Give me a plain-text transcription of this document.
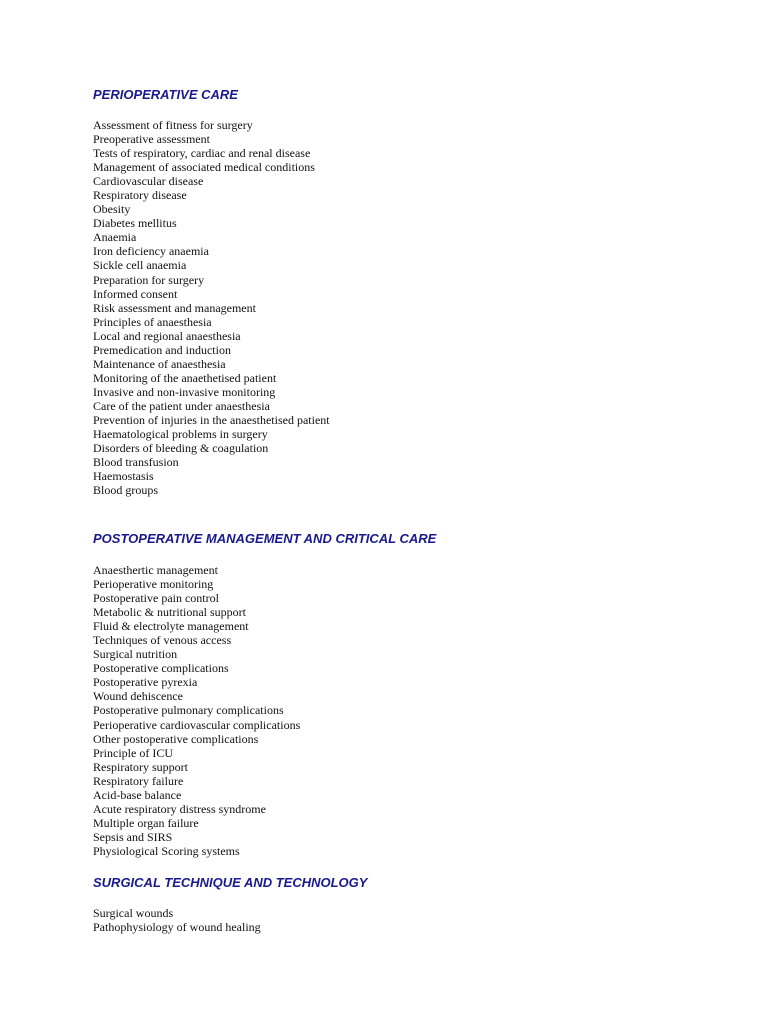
PERIOPERATIVE CARE
Assessment of fitness for surgery
Preoperative assessment
Tests of respiratory, cardiac and renal disease
Management of associated medical conditions
Cardiovascular disease
Respiratory disease
Obesity
Diabetes mellitus
Anaemia
Iron deficiency anaemia
Sickle cell anaemia
Preparation for surgery
Informed consent
Risk assessment and management
Principles of anaesthesia
Local and regional anaesthesia
Premedication and induction
Maintenance of anaesthesia
Monitoring of the anaethetised patient
Invasive and non-invasive monitoring
Care of the patient under anaesthesia
Prevention of injuries in the anaesthetised patient
Haematological problems in surgery
Disorders of bleeding & coagulation
Blood transfusion
Haemostasis
Blood groups
POSTOPERATIVE MANAGEMENT AND CRITICAL CARE
Anaesthertic management
Perioperative monitoring
Postoperative pain control
Metabolic & nutritional support
Fluid & electrolyte management
Techniques of venous access
Surgical nutrition
Postoperative complications
Postoperative pyrexia
Wound dehiscence
Postoperative pulmonary complications
Perioperative cardiovascular complications
Other postoperative complications
Principle of ICU
Respiratory support
Respiratory failure
Acid-base balance
Acute respiratory distress syndrome
Multiple organ failure
Sepsis and SIRS
Physiological Scoring systems
SURGICAL TECHNIQUE AND TECHNOLOGY
Surgical wounds
Pathophysiology of wound healing
